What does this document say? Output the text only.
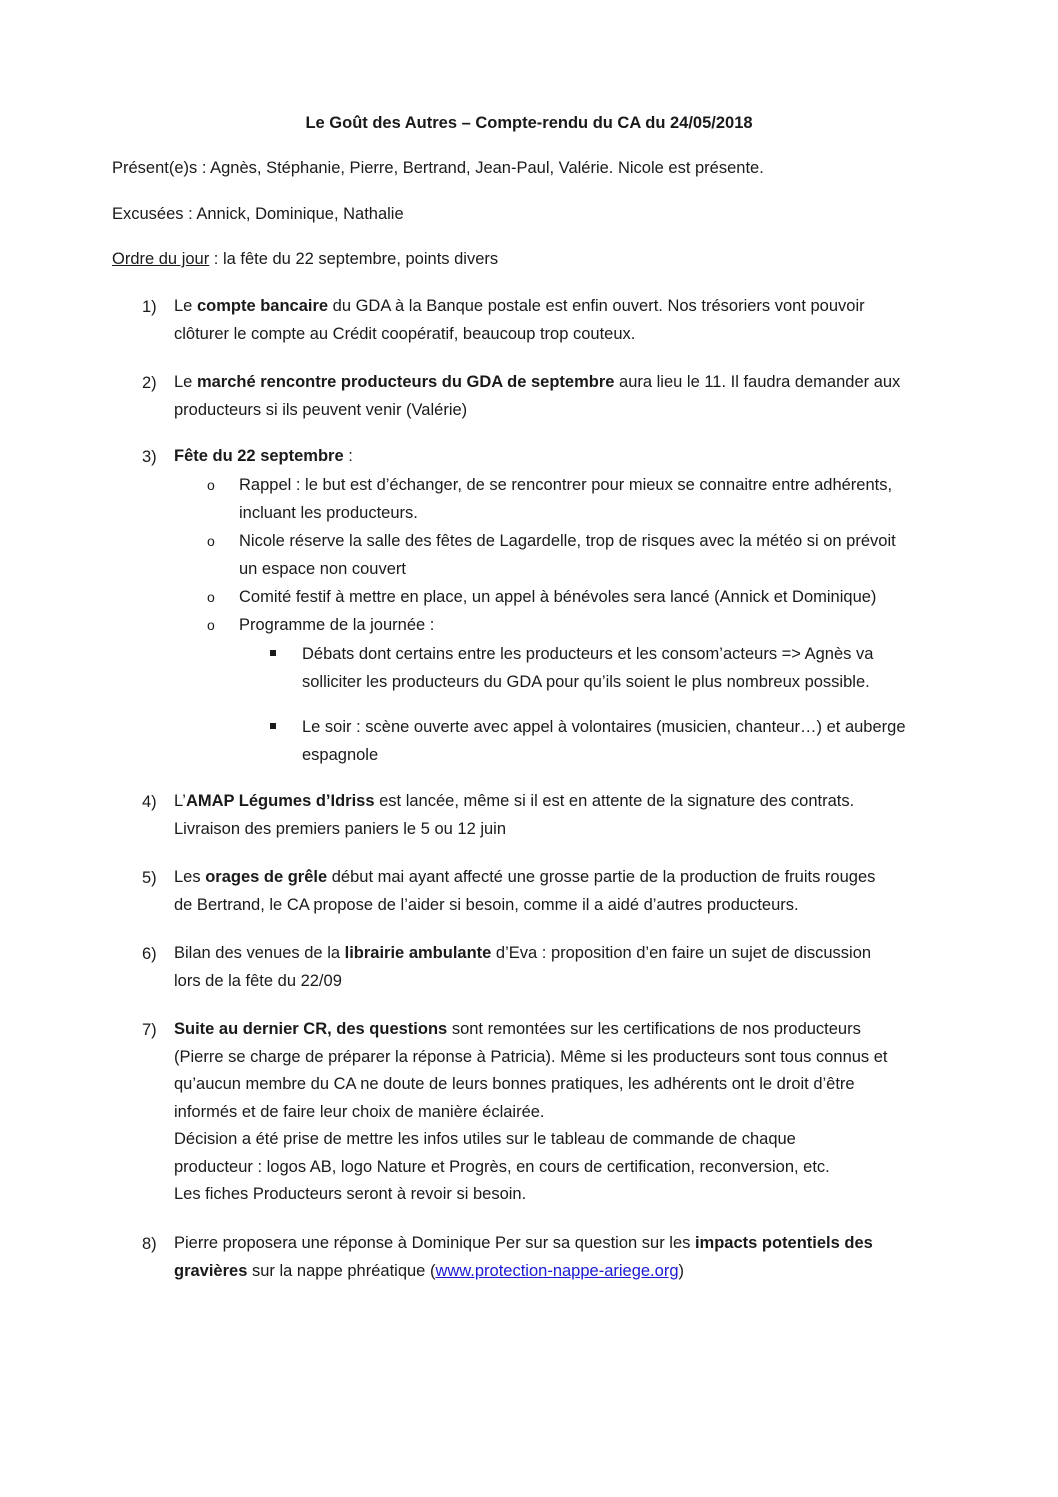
Le Goût des Autres – Compte-rendu du CA du 24/05/2018
Présent(e)s : Agnès, Stéphanie, Pierre, Bertrand, Jean-Paul, Valérie. Nicole est présente.
Excusées : Annick, Dominique, Nathalie
Ordre du jour : la fête du 22 septembre, points divers
1) Le compte bancaire du GDA à la Banque postale est enfin ouvert. Nos trésoriers vont pouvoir
clôturer le compte au Crédit coopératif, beaucoup trop couteux.
2) Le marché rencontre producteurs du GDA de septembre aura lieu le 11. Il faudra demander aux
producteurs si ils peuvent venir (Valérie)
3) Fête du 22 septembre :
o Rappel : le but est d’échanger, de se rencontrer pour mieux se connaitre entre adhérents,
incluant les producteurs.
o Nicole réserve la salle des fêtes de Lagardelle, trop de risques avec la météo si on prévoit
un espace non couvert
o Comité festif à mettre en place, un appel à bénévoles sera lancé (Annick et Dominique)
o Programme de la journée :
Débats dont certains entre les producteurs et les consom’acteurs => Agnès va
solliciter les producteurs du GDA pour qu’ils soient le plus nombreux possible.
Le soir : scène ouverte avec appel à volontaires (musicien, chanteur…) et auberge
espagnole
4) L’AMAP Légumes d’Idriss est lancée, même si il est en attente de la signature des contrats.
Livraison des premiers paniers le 5 ou 12 juin
5) Les orages de grêle début mai ayant affecté une grosse partie de la production de fruits rouges
de Bertrand, le CA propose de l’aider si besoin, comme il a aidé d’autres producteurs.
6) Bilan des venues de la librairie ambulante d’Eva : proposition d’en faire un sujet de discussion
lors de la fête du 22/09
7) Suite au dernier CR, des questions sont remontées sur les certifications de nos producteurs
(Pierre se charge de préparer la réponse à Patricia). Même si les producteurs sont tous connus et
qu’aucun membre du CA ne doute de leurs bonnes pratiques, les adhérents ont le droit d’être
informés et de faire leur choix de manière éclairée.
Décision a été prise de mettre les infos utiles sur le tableau de commande de chaque
producteur : logos AB, logo Nature et Progrès, en cours de certification, reconversion, etc.
Les fiches Producteurs seront à revoir si besoin.
8) Pierre proposera une réponse à Dominique Per sur sa question sur les impacts potentiels des
gravières sur la nappe phréatique (www.protection-nappe-ariege.org)
